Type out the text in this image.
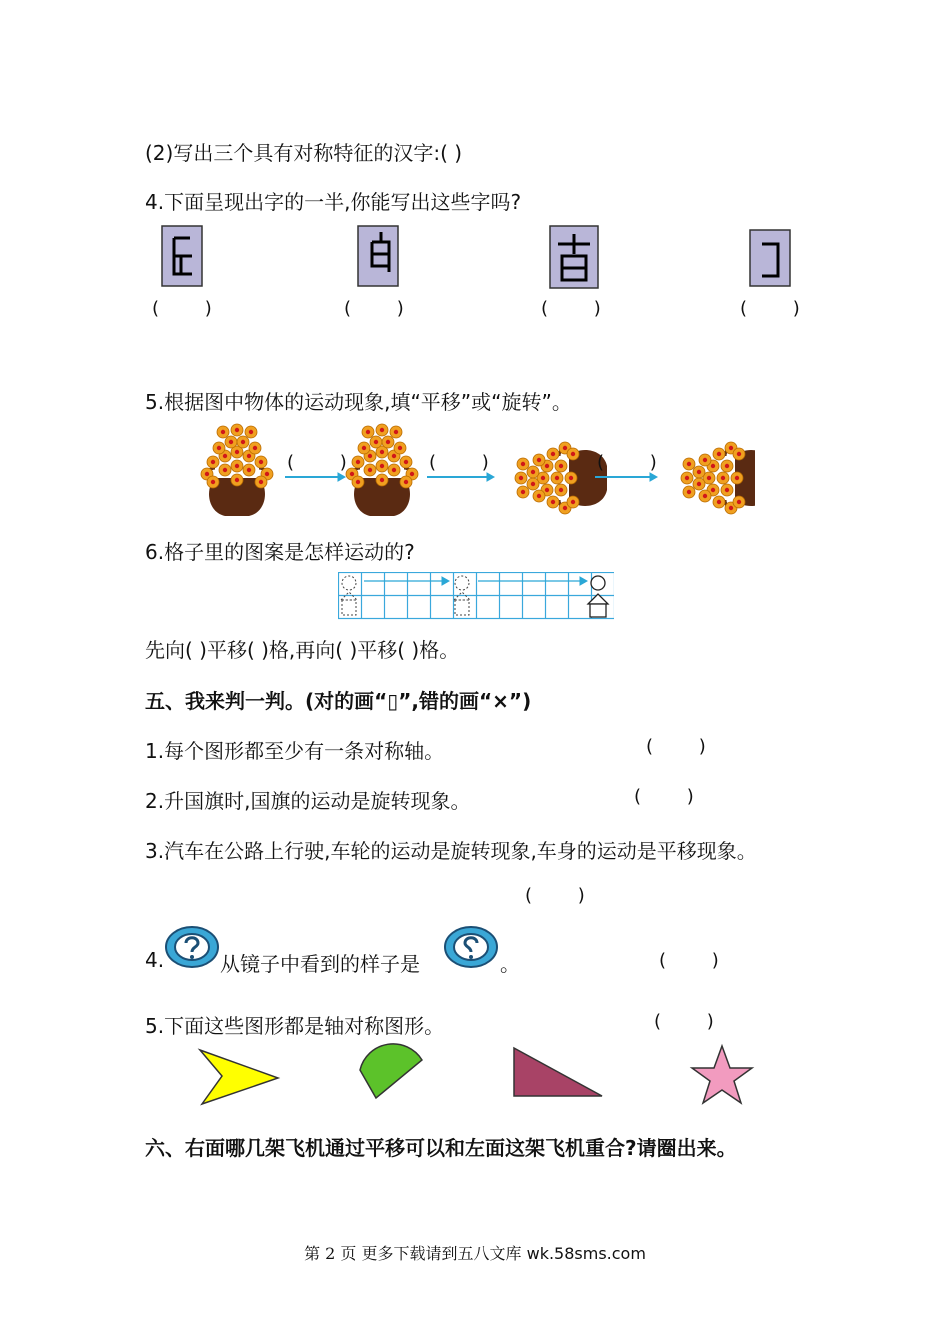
(2)写出三个具有对称特征的汉字:( )
4.下面呈现出字的一半,你能写出这些字吗?
(        )	(        )	(        )	(        )
5.根据图中物体的运动现象,填“平移”或“旋转”。
(        )	(        )	(        )
6.格子里的图案是怎样运动的?
先向( )平移( )格,再向( )平移( )格。
五、我来判一判。(对的画“▯”,错的画“×”)
1.每个图形都至少有一条对称轴。	(        )
2.升国旗时,国旗的运动是旋转现象。	(        )
3.汽车在公路上行驶,车轮的运动是旋转现象,车身的运动是平移现象。
(        )
4.	从镜子中看到的样子是	。	(        )
5.下面这些图形都是轴对称图形。	(        )
六、右面哪几架飞机通过平移可以和左面这架飞机重合?请圈出来。
第 2 页 更多下载请到五八文库 wk.58sms.com
